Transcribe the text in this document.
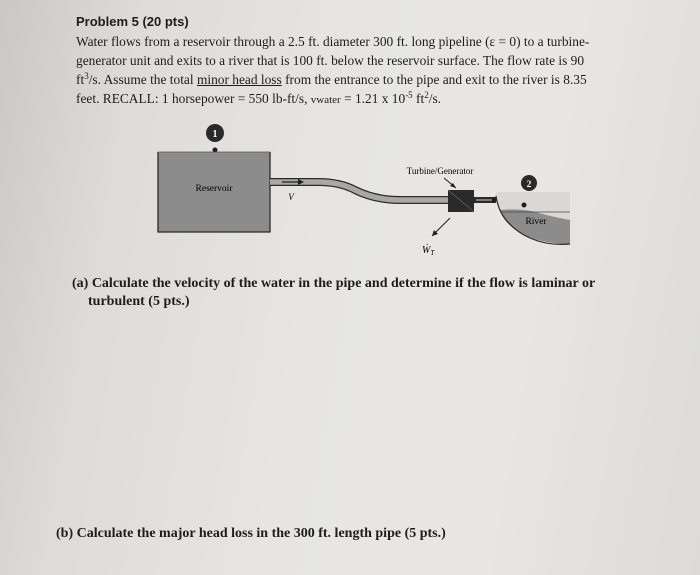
Problem 5 (20 pts)
Water flows from a reservoir through a 2.5 ft. diameter 300 ft. long pipeline (ε = 0) to a turbine-
generator unit and exits to a river that is 100 ft. below the reservoir surface. The flow rate is 90
$ft^3/s$. Assume the total minor head loss from the entrance to the pipe and exit to the river is 8.35
feet. RECALL: 1 horsepower = 550 lb-ft/s, vwater = 1.21 x $10^{-5}$ $ft^2/s$.
1
Reservoir
V
Turbine/Generator
Ẇ$_T$
River
2
(a) Calculate the velocity of the water in the pipe and determine if the flow is laminar or
turbulent (5 pts.)
(b) Calculate the major head loss in the 300 ft. length pipe (5 pts.)
